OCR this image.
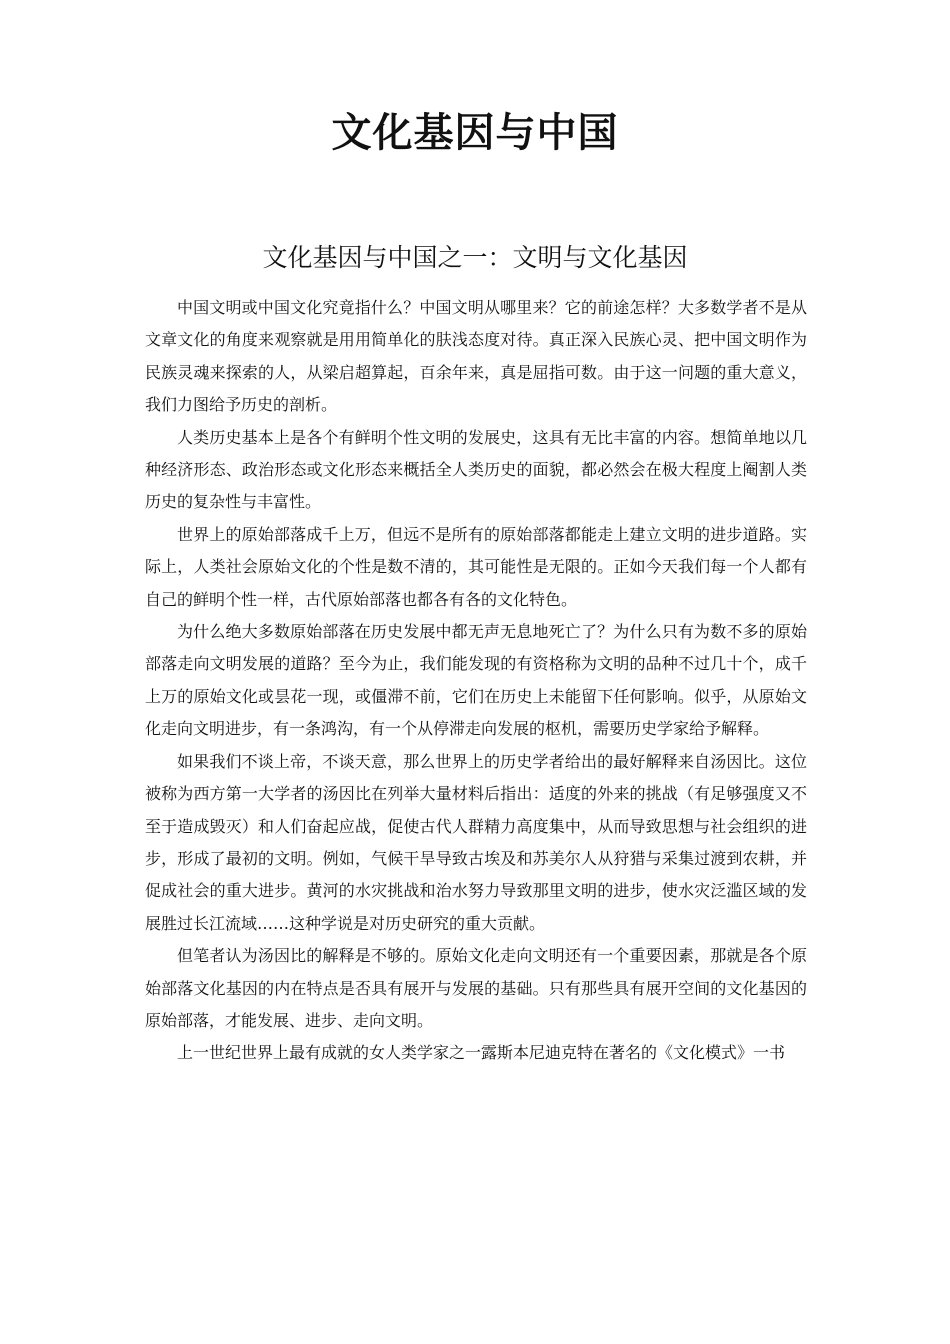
文化基因与中国
文化基因与中国之一：文明与文化基因

中国文明或中国文化究竟指什么？中国文明从哪里来？它的前途怎样？大多数学者不是从文章文化的角度来观察就是用用简单化的肤浅态度对待。真正深入民族心灵、把中国文明作为民族灵魂来探索的人，从梁启超算起，百余年来，真是屈指可数。由于这一问题的重大意义，我们力图给予历史的剖析。

人类历史基本上是各个有鲜明个性文明的发展史，这具有无比丰富的内容。想简单地以几种经济形态、政治形态或文化形态来概括全人类历史的面貌，都必然会在极大程度上阉割人类历史的复杂性与丰富性。

世界上的原始部落成千上万，但远不是所有的原始部落都能走上建立文明的进步道路。实际上，人类社会原始文化的个性是数不清的，其可能性是无限的。正如今天我们每一个人都有自己的鲜明个性一样，古代原始部落也都各有各的文化特色。

为什么绝大多数原始部落在历史发展中都无声无息地死亡了？为什么只有为数不多的原始部落走向文明发展的道路？至今为止，我们能发现的有资格称为文明的品种不过几十个，成千上万的原始文化或昙花一现，或僵滞不前，它们在历史上未能留下任何影响。似乎，从原始文化走向文明进步，有一条鸿沟，有一个从停滞走向发展的枢机，需要历史学家给予解释。

如果我们不谈上帝，不谈天意，那么世界上的历史学者给出的最好解释来自汤因比。这位被称为西方第一大学者的汤因比在列举大量材料后指出：适度的外来的挑战（有足够强度又不至于造成毁灭）和人们奋起应战，促使古代人群精力高度集中，从而导致思想与社会组织的进步，形成了最初的文明。例如，气候干旱导致古埃及和苏美尔人从狩猎与采集过渡到农耕，并促成社会的重大进步。黄河的水灾挑战和治水努力导致那里文明的进步，使水灾泛滥区域的发展胜过长江流域……这种学说是对历史研究的重大贡献。

但笔者认为汤因比的解释是不够的。原始文化走向文明还有一个重要因素，那就是各个原始部落文化基因的内在特点是否具有展开与发展的基础。只有那些具有展开空间的文化基因的原始部落，才能发展、进步、走向文明。

上一世纪世界上最有成就的女人类学家之一露斯本尼迪克特在著名的《文化模式》一书
